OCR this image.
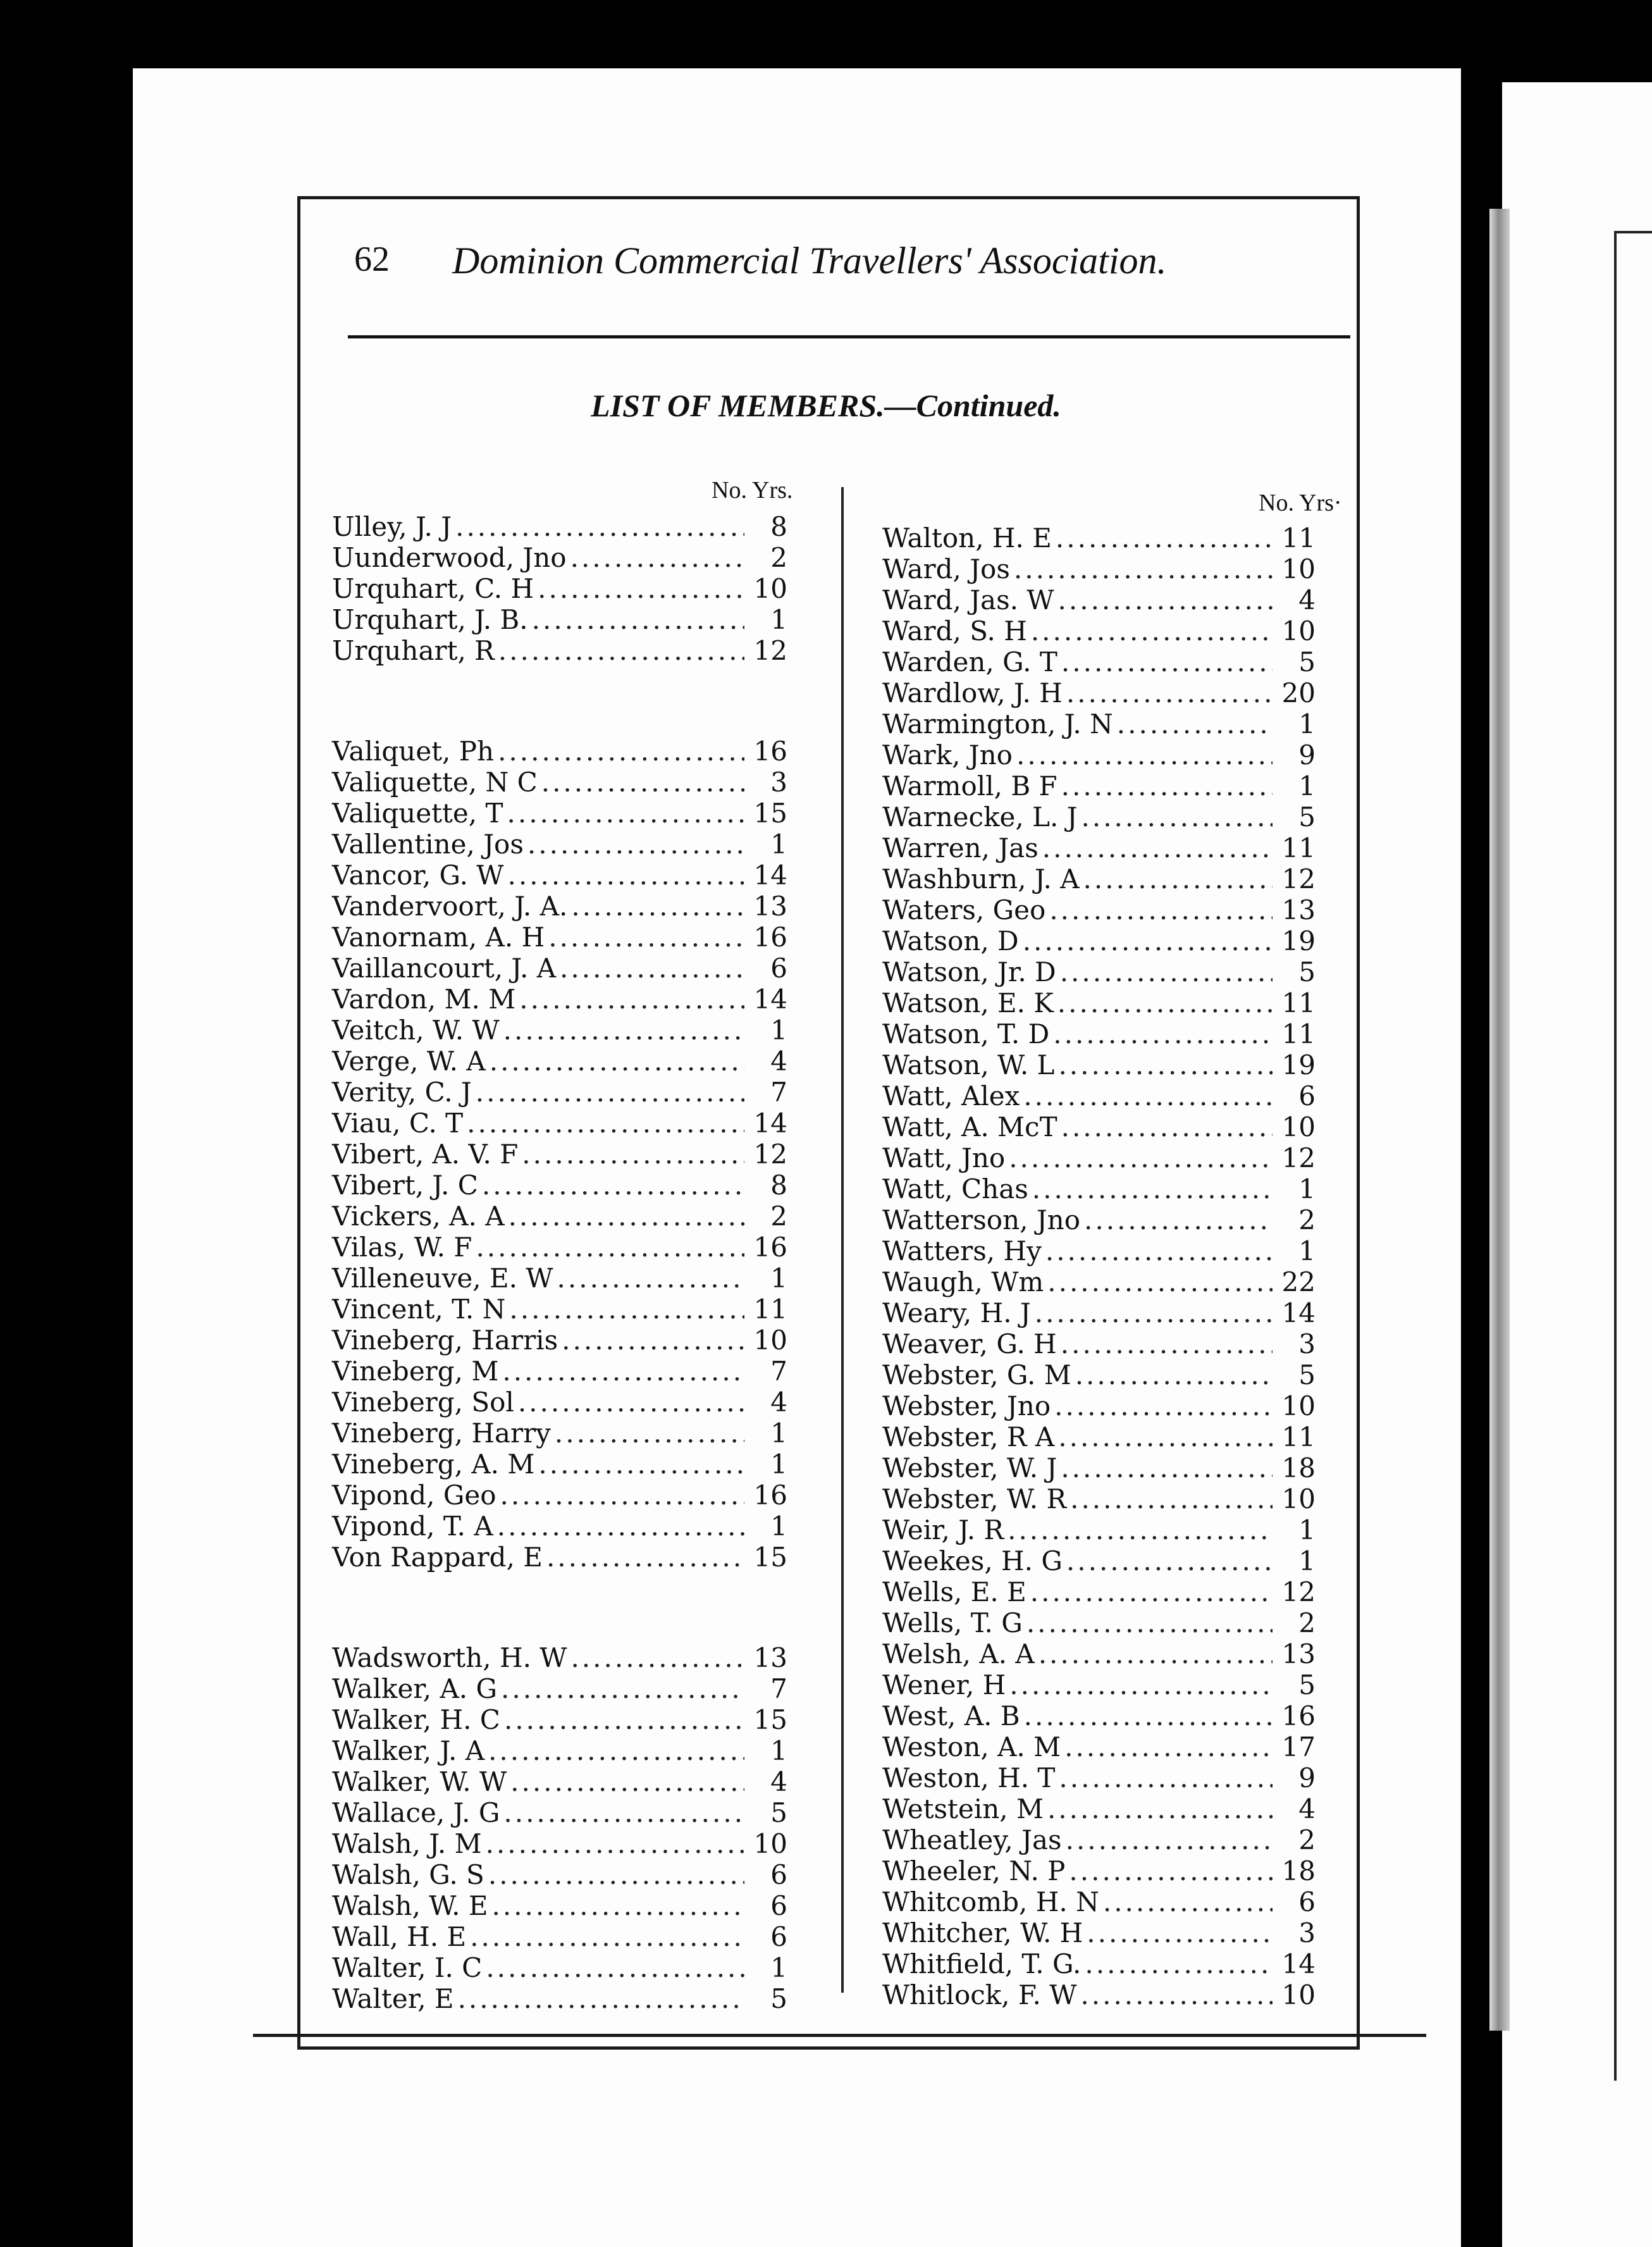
62 Dominion Commercial Travellers' Association.
LIST OF MEMBERS.—Continued.
No. Yrs.	No. Yrs·
Ulley, J. J .....	8
Uunderwood, Jno .....	2
Urquhart, C. H .....	10
Urquhart, J. B. .....	1
Urquhart, R .....	12
Valiquet, Ph .....	16
Valiquette, N C .....	3
Valiquette, T .....	15
Vallentine, Jos .....	1
Vancor, G. W .....	14
Vandervoort, J. A. .....	13
Vanornam, A. H .....	16
Vaillancourt, J. A .....	6
Vardon, M. M .....	14
Veitch, W. W .....	1
Verge, W. A .....	4
Verity, C. J .....	7
Viau, C. T .....	14
Vibert, A. V. F .....	12
Vibert, J. C .....	8
Vickers, A. A .....	2
Vilas, W. F .....	16
Villeneuve, E. W .....	1
Vincent, T. N .....	11
Vineberg, Harris .....	10
Vineberg, M .....	7
Vineberg, Sol .....	4
Vineberg, Harry .....	1
Vineberg, A. M .....	1
Vipond, Geo .....	16
Vipond, T. A .....	1
Von Rappard, E .....	15
Wadsworth, H. W .....	13
Walker, A. G .....	7
Walker, H. C .....	15
Walker, J. A .....	1
Walker, W. W .....	4
Wallace, J. G .....	5
Walsh, J. M .....	10
Walsh, G. S .....	6
Walsh, W. E .....	6
Wall, H. E .....	6
Walter, I. C .....	1
Walter, E .....	5
Walton, H. E .....	11
Ward, Jos .....	10
Ward, Jas. W .....	4
Ward, S. H .....	10
Warden, G. T .....	5
Wardlow, J. H .....	20
Warmington, J. N .....	1
Wark, Jno .....	9
Warmoll, B F .....	1
Warnecke, L. J .....	5
Warren, Jas .....	11
Washburn, J. A .....	12
Waters, Geo .....	13
Watson, D .....	19
Watson, Jr. D .....	5
Watson, E. K .....	11
Watson, T. D .....	11
Watson, W. L .....	19
Watt, Alex .....	6
Watt, A. McT .....	10
Watt, Jno .....	12
Watt, Chas .....	1
Watterson, Jno .....	2
Watters, Hy .....	1
Waugh, Wm .....	22
Weary, H. J .....	14
Weaver, G. H .....	3
Webster, G. M .....	5
Webster, Jno .....	10
Webster, R A .....	11
Webster, W. J .....	18
Webster, W. R .....	10
Weir, J. R .....	1
Weekes, H. G .....	1
Wells, E. E .....	12
Wells, T. G .....	2
Welsh, A. A .....	13
Wener, H .....	5
West, A. B .....	16
Weston, A. M .....	17
Weston, H. T .....	9
Wetstein, M .....	4
Wheatley, Jas .....	2
Wheeler, N. P .....	18
Whitcomb, H. N .....	6
Whitcher, W. H .....	3
Whitfield, T. G. .....	14
Whitlock, F. W .....	10
